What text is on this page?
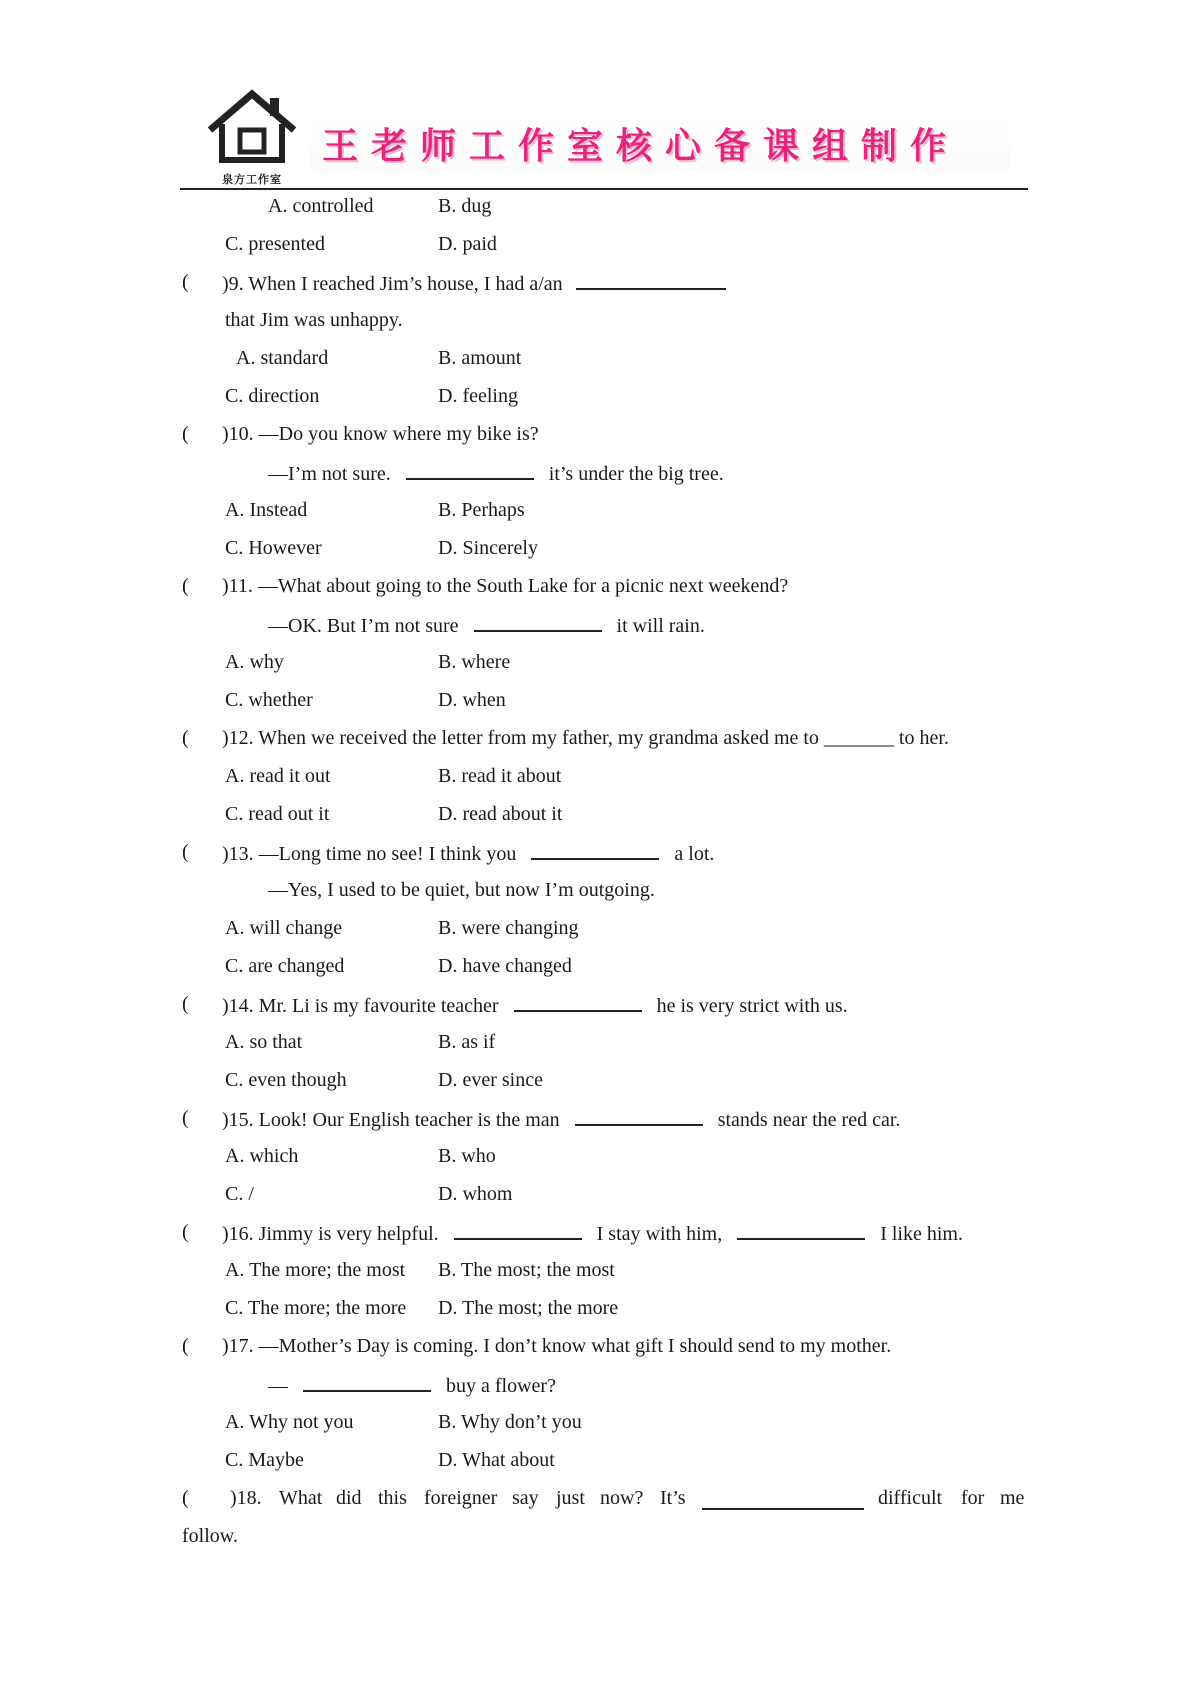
泉方工作室
王老师工作室核心备课组制作
A. controlled	B. dug
C. presented	D. paid
( )9. When I reached Jim’s house, I had a/an
that Jim was unhappy.
A. standard	B. amount
C. direction	D. feeling
( )10. —Do you know where my bike is?
—I’m not sure.	it’s under the big tree.
A. Instead	B. Perhaps
C. However	D. Sincerely
( )11. —What about going to the South Lake for a picnic next weekend?
—OK. But I’m not sure	it will rain.
A. why	B. where
C. whether	D. when
( )12. When we received the letter from my father, my grandma asked me to _______ to her.
A. read it out	B. read it about
C. read out it	D. read about it
( )13. —Long time no see! I think you	a lot.
—Yes, I used to be quiet, but now I’m outgoing.
A. will change	B. were changing
C. are changed	D. have changed
( )14. Mr. Li is my favourite teacher	he is very strict with us.
A. so that	B. as if
C. even though	D. ever since
( )15. Look! Our English teacher is the man	stands near the red car.
A. which	B. who
C. /	D. whom
( )16. Jimmy is very helpful.	I stay with him,	I like him.
A. The more; the most B. The most; the most
C. The more; the more D. The most; the more
( )17. —Mother’s Day is coming. I don’t know what gift I should send to my mother.
—	buy a flower?
A. Why not you	B. Why don’t you
C. Maybe	D. What about
( )18. What did this foreigner say just now? It’s	difficult for me
follow.
